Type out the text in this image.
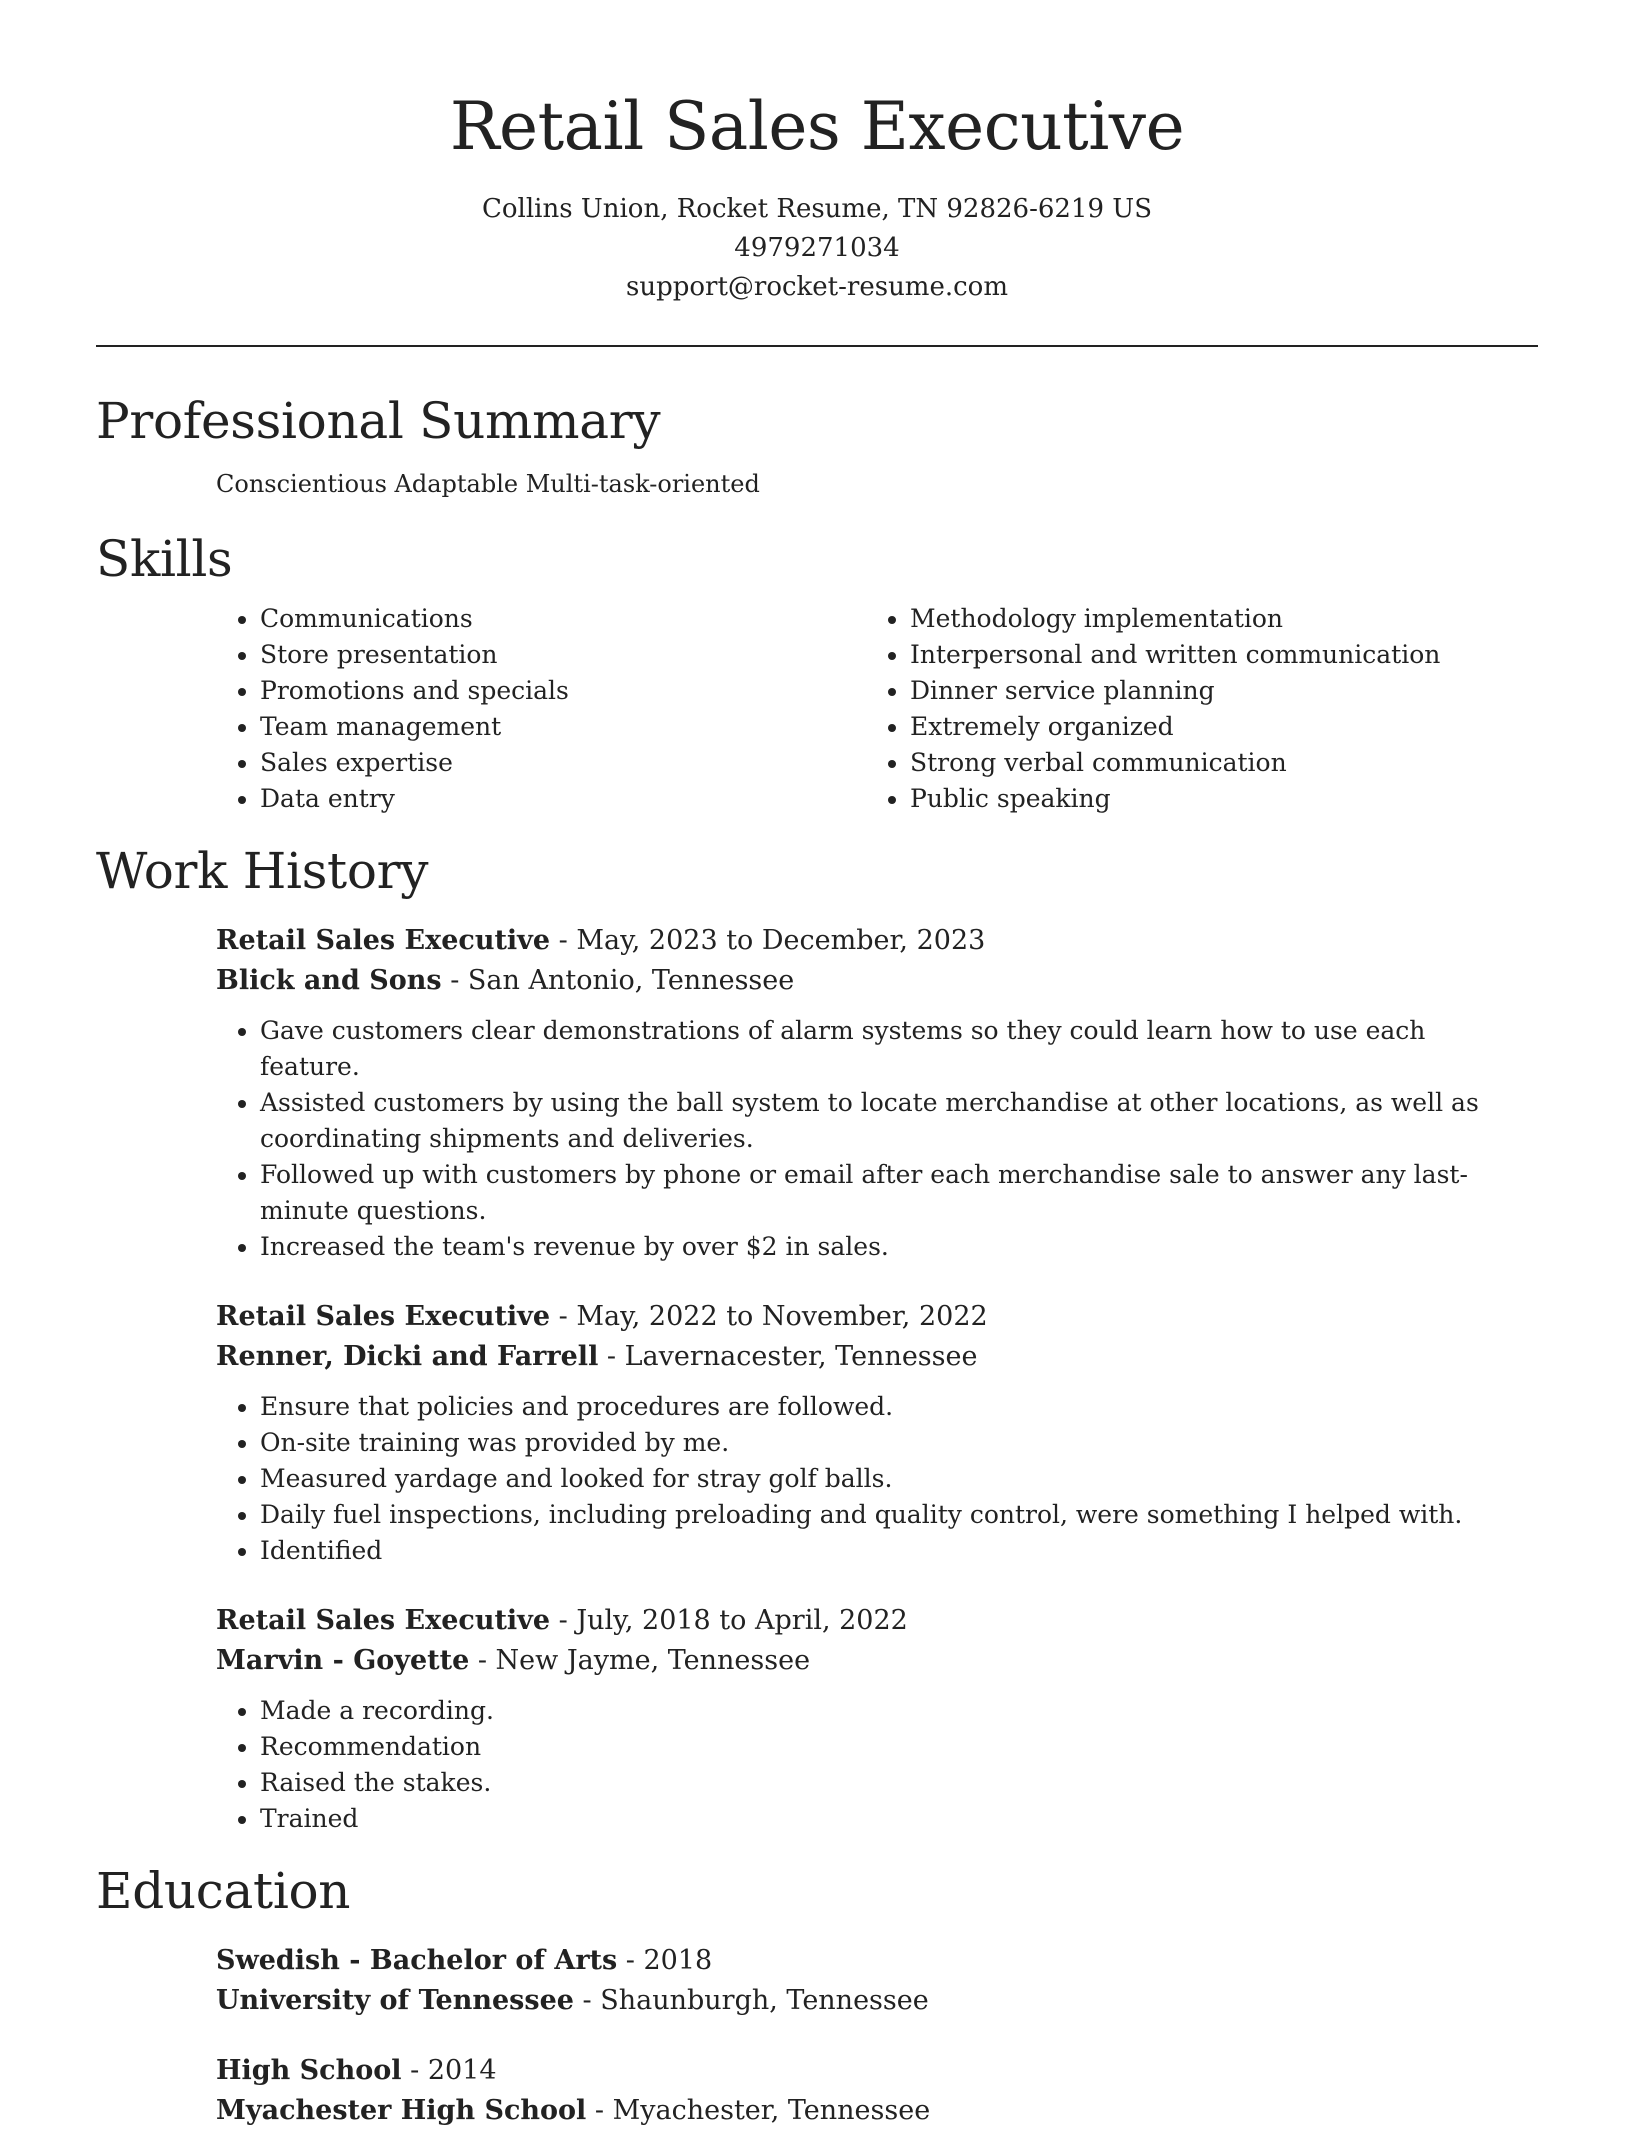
Retail Sales Executive
Collins Union, Rocket Resume, TN 92826-6219 US
4979271034
support@rocket-resume.com
Professional Summary
Conscientious Adaptable Multi-task-oriented
Skills
• Communications
• Store presentation
• Promotions and specials
• Team management
• Sales expertise
• Data entry
• Methodology implementation
• Interpersonal and written communication
• Dinner service planning
• Extremely organized
• Strong verbal communication
• Public speaking
Work History
Retail Sales Executive - May, 2023 to December, 2023
Blick and Sons - San Antonio, Tennessee
• Gave customers clear demonstrations of alarm systems so they could learn how to use each feature.
• Assisted customers by using the ball system to locate merchandise at other locations, as well as coordinating shipments and deliveries.
• Followed up with customers by phone or email after each merchandise sale to answer any last-minute questions.
• Increased the team's revenue by over $2 in sales.
Retail Sales Executive - May, 2022 to November, 2022
Renner, Dicki and Farrell - Lavernacester, Tennessee
• Ensure that policies and procedures are followed.
• On-site training was provided by me.
• Measured yardage and looked for stray golf balls.
• Daily fuel inspections, including preloading and quality control, were something I helped with.
• Identified
Retail Sales Executive - July, 2018 to April, 2022
Marvin - Goyette - New Jayme, Tennessee
• Made a recording.
• Recommendation
• Raised the stakes.
• Trained
Education
Swedish - Bachelor of Arts - 2018
University of Tennessee - Shaunburgh, Tennessee
High School - 2014
Myachester High School - Myachester, Tennessee
